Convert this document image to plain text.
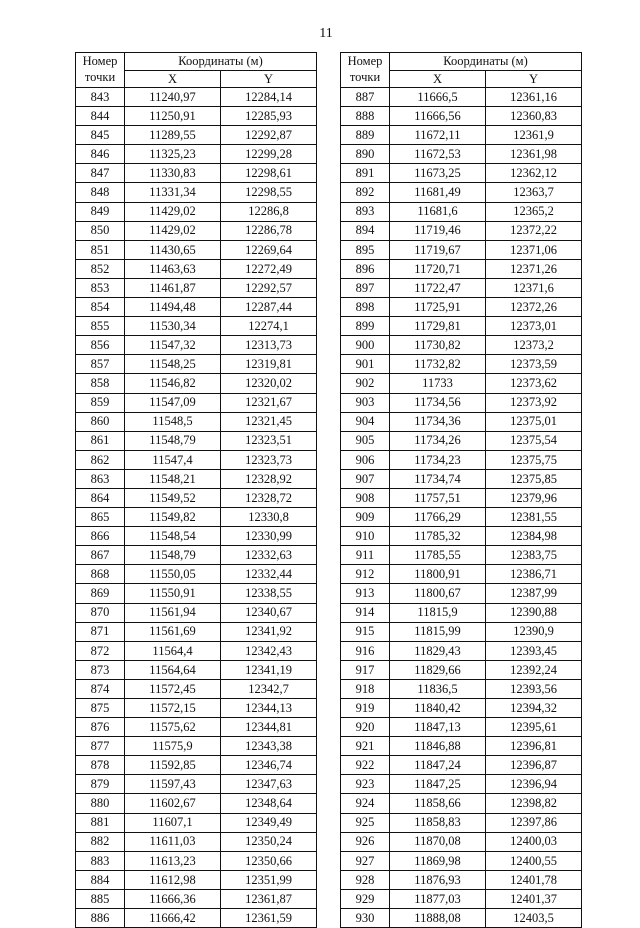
11
Номер
точки	Координаты (м)	
	X	Y
843	11240,97	12284,14
844	11250,91	12285,93
845	11289,55	12292,87
846	11325,23	12299,28
847	11330,83	12298,61
848	11331,34	12298,55
849	11429,02	12286,8
850	11429,02	12286,78
851	11430,65	12269,64
852	11463,63	12272,49
853	11461,87	12292,57
854	11494,48	12287,44
855	11530,34	12274,1
856	11547,32	12313,73
857	11548,25	12319,81
858	11546,82	12320,02
859	11547,09	12321,67
860	11548,5	12321,45
861	11548,79	12323,51
862	11547,4	12323,73
863	11548,21	12328,92
864	11549,52	12328,72
865	11549,82	12330,8
866	11548,54	12330,99
867	11548,79	12332,63
868	11550,05	12332,44
869	11550,91	12338,55
870	11561,94	12340,67
871	11561,69	12341,92
872	11564,4	12342,43
873	11564,64	12341,19
874	11572,45	12342,7
875	11572,15	12344,13
876	11575,62	12344,81
877	11575,9	12343,38
878	11592,85	12346,74
879	11597,43	12347,63
880	11602,67	12348,64
881	11607,1	12349,49
882	11611,03	12350,24
883	11613,23	12350,66
884	11612,98	12351,99
885	11666,36	12361,87
886	11666,42	12361,59
Номер
точки	Координаты (м)	
	X	Y
887	11666,5	12361,16
888	11666,56	12360,83
889	11672,11	12361,9
890	11672,53	12361,98
891	11673,25	12362,12
892	11681,49	12363,7
893	11681,6	12365,2
894	11719,46	12372,22
895	11719,67	12371,06
896	11720,71	12371,26
897	11722,47	12371,6
898	11725,91	12372,26
899	11729,81	12373,01
900	11730,82	12373,2
901	11732,82	12373,59
902	11733	12373,62
903	11734,56	12373,92
904	11734,36	12375,01
905	11734,26	12375,54
906	11734,23	12375,75
907	11734,74	12375,85
908	11757,51	12379,96
909	11766,29	12381,55
910	11785,32	12384,98
911	11785,55	12383,75
912	11800,91	12386,71
913	11800,67	12387,99
914	11815,9	12390,88
915	11815,99	12390,9
916	11829,43	12393,45
917	11829,66	12392,24
918	11836,5	12393,56
919	11840,42	12394,32
920	11847,13	12395,61
921	11846,88	12396,81
922	11847,24	12396,87
923	11847,25	12396,94
924	11858,66	12398,82
925	11858,83	12397,86
926	11870,08	12400,03
927	11869,98	12400,55
928	11876,93	12401,78
929	11877,03	12401,37
930	11888,08	12403,5
